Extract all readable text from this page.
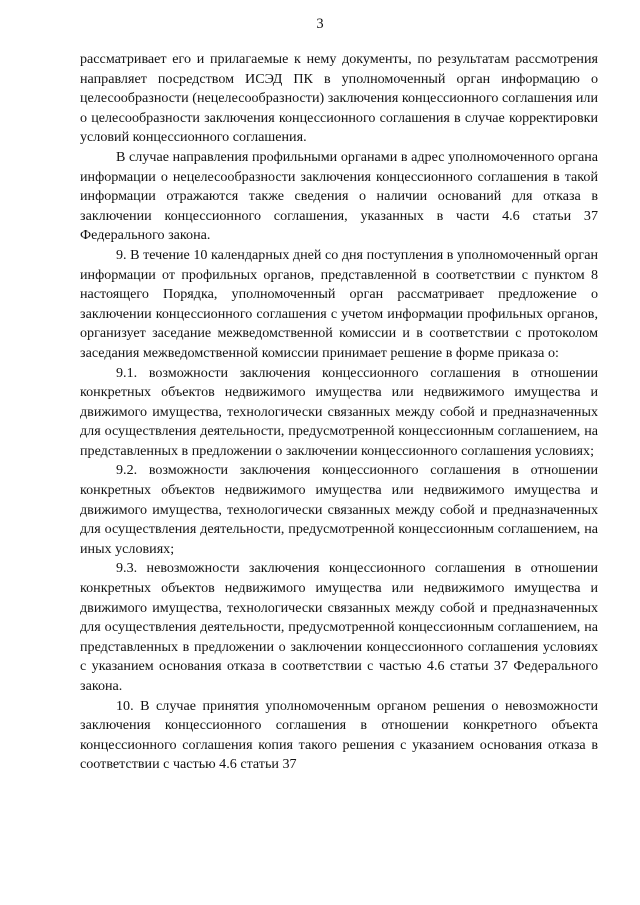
3

рассматривает его и прилагаемые к нему документы, по результатам рассмотрения направляет посредством ИСЭД ПК в уполномоченный орган информацию о целесообразности (нецелесообразности) заключения концессионного соглашения или о целесообразности заключения концессионного соглашения в случае корректировки условий концессионного соглашения.

В случае направления профильными органами в адрес уполномоченного органа информации о нецелесообразности заключения концессионного соглашения в такой информации отражаются также сведения о наличии оснований для отказа в заключении концессионного соглашения, указанных в части 4.6 статьи 37 Федерального закона.

9. В течение 10 календарных дней со дня поступления в уполномоченный орган информации от профильных органов, представленной в соответствии с пунктом 8 настоящего Порядка, уполномоченный орган рассматривает предложение о заключении концессионного соглашения с учетом информации профильных органов, организует заседание межведомственной комиссии и в соответствии с протоколом заседания межведомственной комиссии принимает решение в форме приказа о:

9.1. возможности заключения концессионного соглашения в отношении конкретных объектов недвижимого имущества или недвижимого имущества и движимого имущества, технологически связанных между собой и предназначенных для осуществления деятельности, предусмотренной концессионным соглашением, на представленных в предложении о заключении концессионного соглашения условиях;

9.2. возможности заключения концессионного соглашения в отношении конкретных объектов недвижимого имущества или недвижимого имущества и движимого имущества, технологически связанных между собой и предназначенных для осуществления деятельности, предусмотренной концессионным соглашением, на иных условиях;

9.3. невозможности заключения концессионного соглашения в отношении конкретных объектов недвижимого имущества или недвижимого имущества и движимого имущества, технологически связанных между собой и предназначенных для осуществления деятельности, предусмотренной концессионным соглашением, на представленных в предложении о заключении концессионного соглашения условиях с указанием основания отказа в соответствии с частью 4.6 статьи 37 Федерального закона.

10. В случае принятия уполномоченным органом решения о невозможности заключения концессионного соглашения в отношении конкретного объекта концессионного соглашения копия такого решения с указанием основания отказа в соответствии с частью 4.6 статьи 37
